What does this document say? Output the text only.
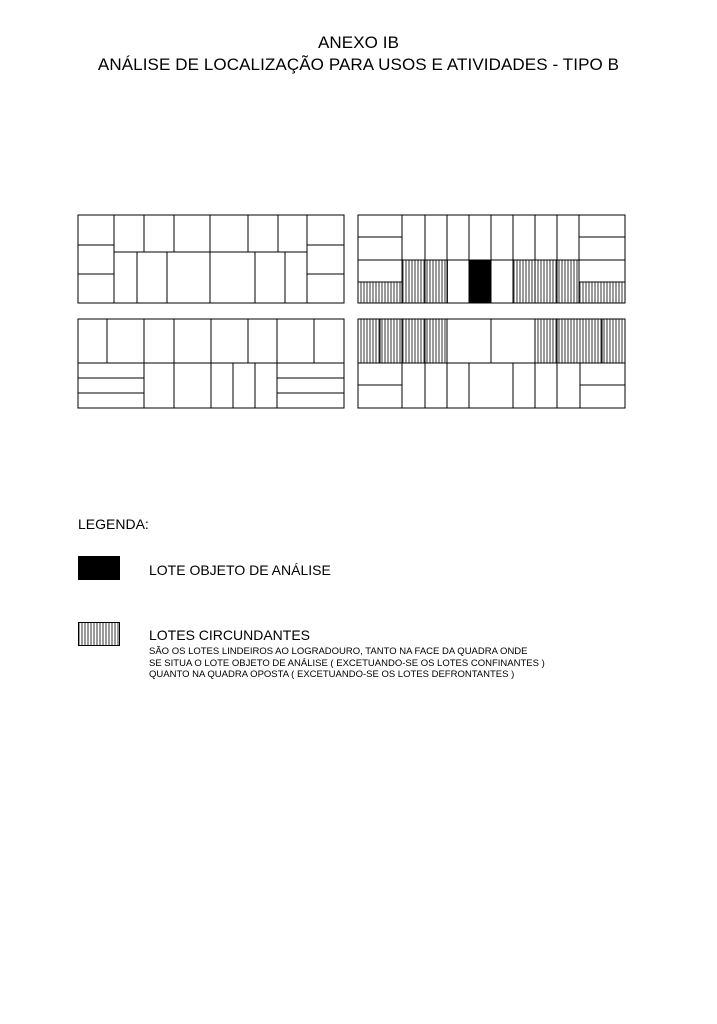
ANEXO IB
ANÁLISE DE LOCALIZAÇÃO PARA USOS E ATIVIDADES - TIPO B
LEGENDA:
LOTE OBJETO DE ANÁLISE
LOTES CIRCUNDANTES
SÃO OS LOTES LINDEIROS AO LOGRADOURO, TANTO NA FACE DA QUADRA ONDE
SE SITUA O LOTE OBJETO DE ANÁLISE ( EXCETUANDO-SE OS LOTES CONFINANTES )
QUANTO NA QUADRA OPOSTA ( EXCETUANDO-SE OS LOTES DEFRONTANTES )
